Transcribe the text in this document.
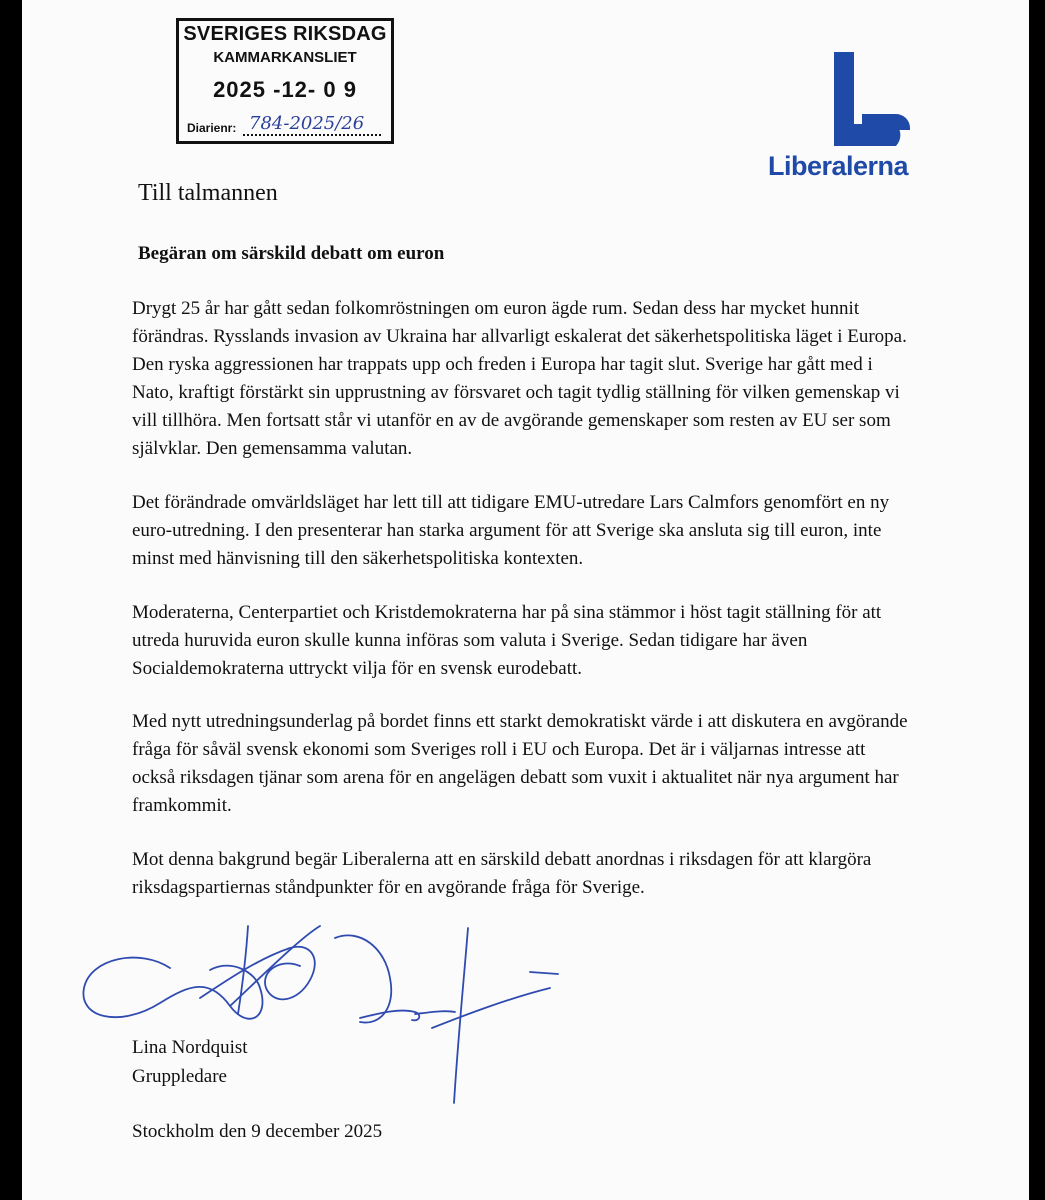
SVERIGES RIKSDAG
KAMMARKANSLIET
2025 -12- 0 9
Diarienr: 784-2025/26
Liberalerna
Till talmannen
Begäran om särskild debatt om euron

Drygt 25 år har gått sedan folkomröstningen om euron ägde rum. Sedan dess har mycket hunnit förändras. Rysslands invasion av Ukraina har allvarligt eskalerat det säkerhetspolitiska läget i Europa. Den ryska aggressionen har trappats upp och freden i Europa har tagit slut. Sverige har gått med i Nato, kraftigt förstärkt sin upprustning av försvaret och tagit tydlig ställning för vilken gemenskap vi vill tillhöra. Men fortsatt står vi utanför en av de avgörande gemenskaper som resten av EU ser som självklar. Den gemensamma valutan.

Det förändrade omvärldsläget har lett till att tidigare EMU-utredare Lars Calmfors genomfört en ny euro-utredning. I den presenterar han starka argument för att Sverige ska ansluta sig till euron, inte minst med hänvisning till den säkerhetspolitiska kontexten.

Moderaterna, Centerpartiet och Kristdemokraterna har på sina stämmor i höst tagit ställning för att utreda huruvida euron skulle kunna införas som valuta i Sverige. Sedan tidigare har även Socialdemokraterna uttryckt vilja för en svensk eurodebatt.

Med nytt utredningsunderlag på bordet finns ett starkt demokratiskt värde i att diskutera en avgörande fråga för såväl svensk ekonomi som Sveriges roll i EU och Europa. Det är i väljarnas intresse att också riksdagen tjänar som arena för en angelägen debatt som vuxit i aktualitet när nya argument har framkommit.

Mot denna bakgrund begär Liberalerna att en särskild debatt anordnas i riksdagen för att klargöra riksdagspartiernas ståndpunkter för en avgörande fråga för Sverige.

Lina Nordquist
Gruppledare
Stockholm den 9 december 2025
